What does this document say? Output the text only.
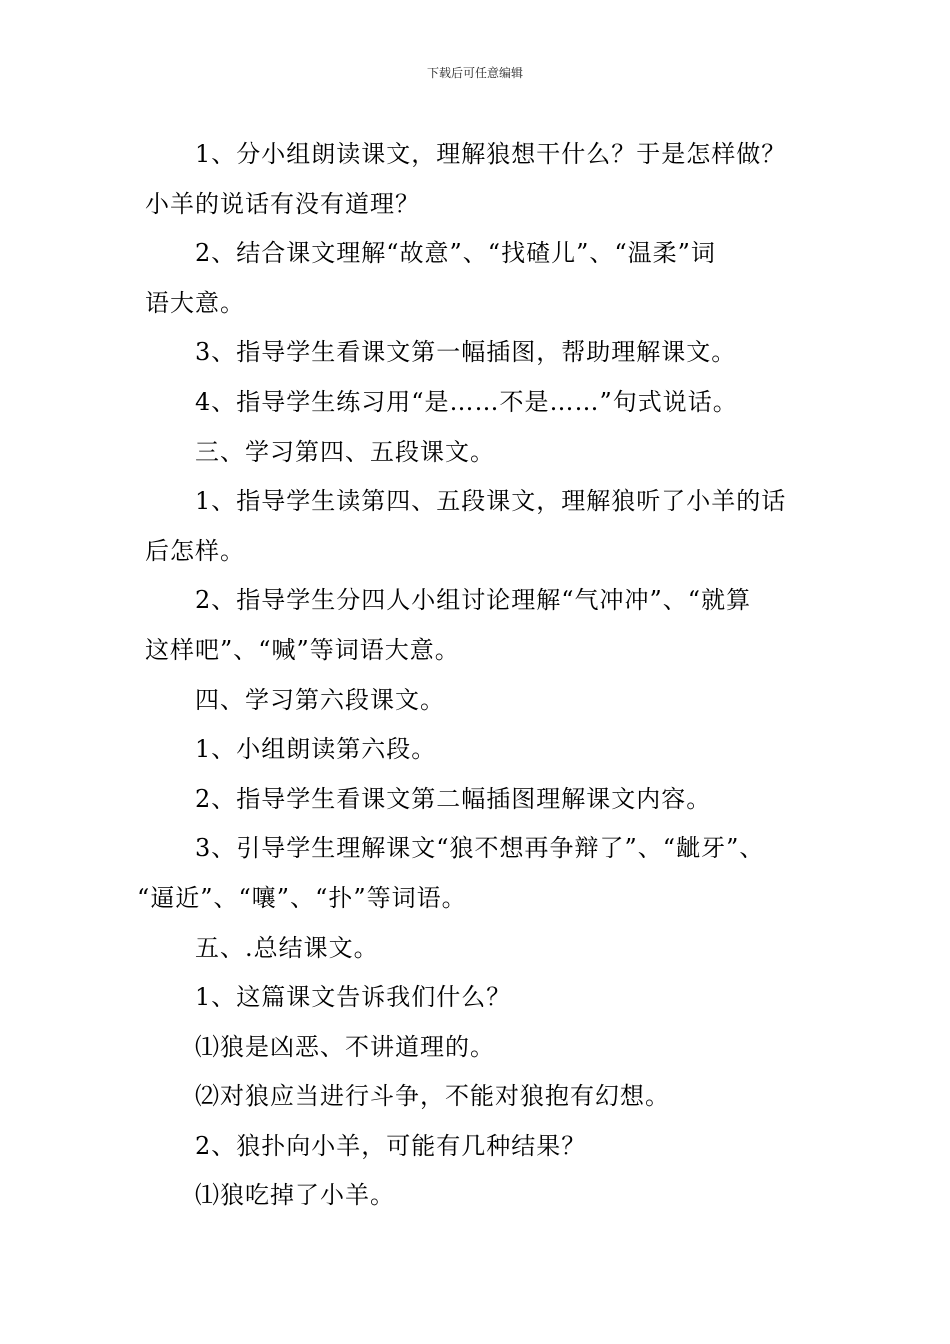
下载后可任意编辑

1、分小组朗读课文，理解狼想干什么？于是怎样做？

小羊的说话有没有道理？

2、结合课文理解“故意”、“找碴儿”、“温柔”词

语大意。

3、指导学生看课文第一幅插图，帮助理解课文。

4、指导学生练习用“是……不是……”句式说话。

三、学习第四、五段课文。

1、指导学生读第四、五段课文，理解狼听了小羊的话

后怎样。

2、指导学生分四人小组讨论理解“气冲冲”、“就算

这样吧”、“喊”等词语大意。

四、学习第六段课文。

1、小组朗读第六段。

2、指导学生看课文第二幅插图理解课文内容。

3、引导学生理解课文“狼不想再争辩了”、“龇牙”、

“逼近”、“嚷”、“扑”等词语。

五、.总结课文。

1、这篇课文告诉我们什么？

⑴狼是凶恶、不讲道理的。

⑵对狼应当进行斗争，不能对狼抱有幻想。

2、狼扑向小羊，可能有几种结果？

⑴狼吃掉了小羊。
